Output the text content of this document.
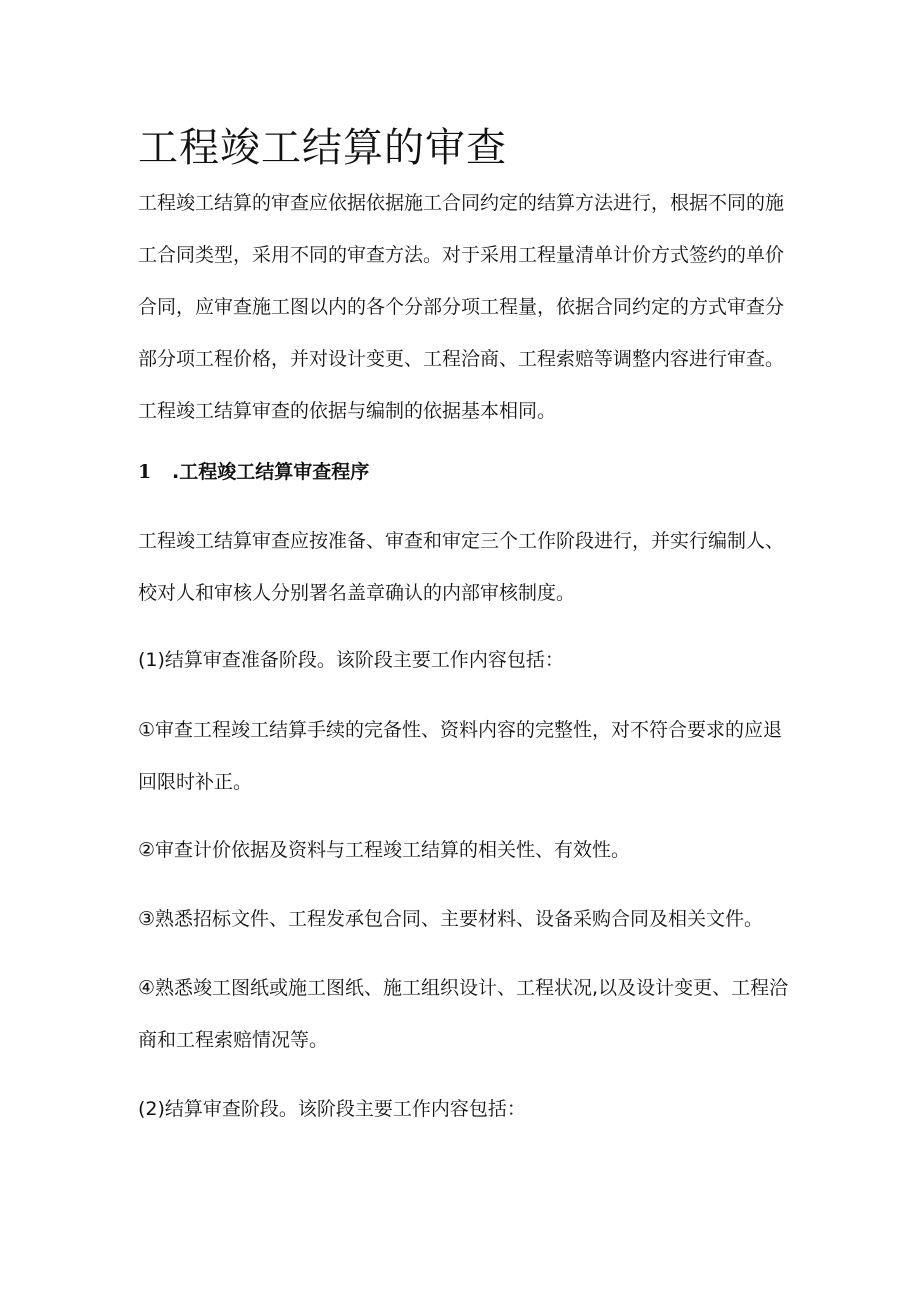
工程竣工结算的审查

工程竣工结算的审查应依据依据施工合同约定的结算方法进行，根据不同的施工合同类型，采用不同的审查方法。对于采用工程量清单计价方式签约的单价合同，应审查施工图以内的各个分部分项工程量，依据合同约定的方式审查分部分项工程价格，并对设计变更、工程洽商、工程索赔等调整内容进行审查。工程竣工结算审查的依据与编制的依据基本相同。

1 .工程竣工结算审查程序

工程竣工结算审查应按准备、审查和审定三个工作阶段进行，并实行编制人、校对人和审核人分别署名盖章确认的内部审核制度。

(1)结算审查准备阶段。该阶段主要工作内容包括：

①审查工程竣工结算手续的完备性、资料内容的完整性，对不符合要求的应退回限时补正。

②审查计价依据及资料与工程竣工结算的相关性、有效性。

③熟悉招标文件、工程发承包合同、主要材料、设备采购合同及相关文件。

④熟悉竣工图纸或施工图纸、施工组织设计、工程状况,以及设计变更、工程洽商和工程索赔情况等。

(2)结算审查阶段。该阶段主要工作内容包括：
